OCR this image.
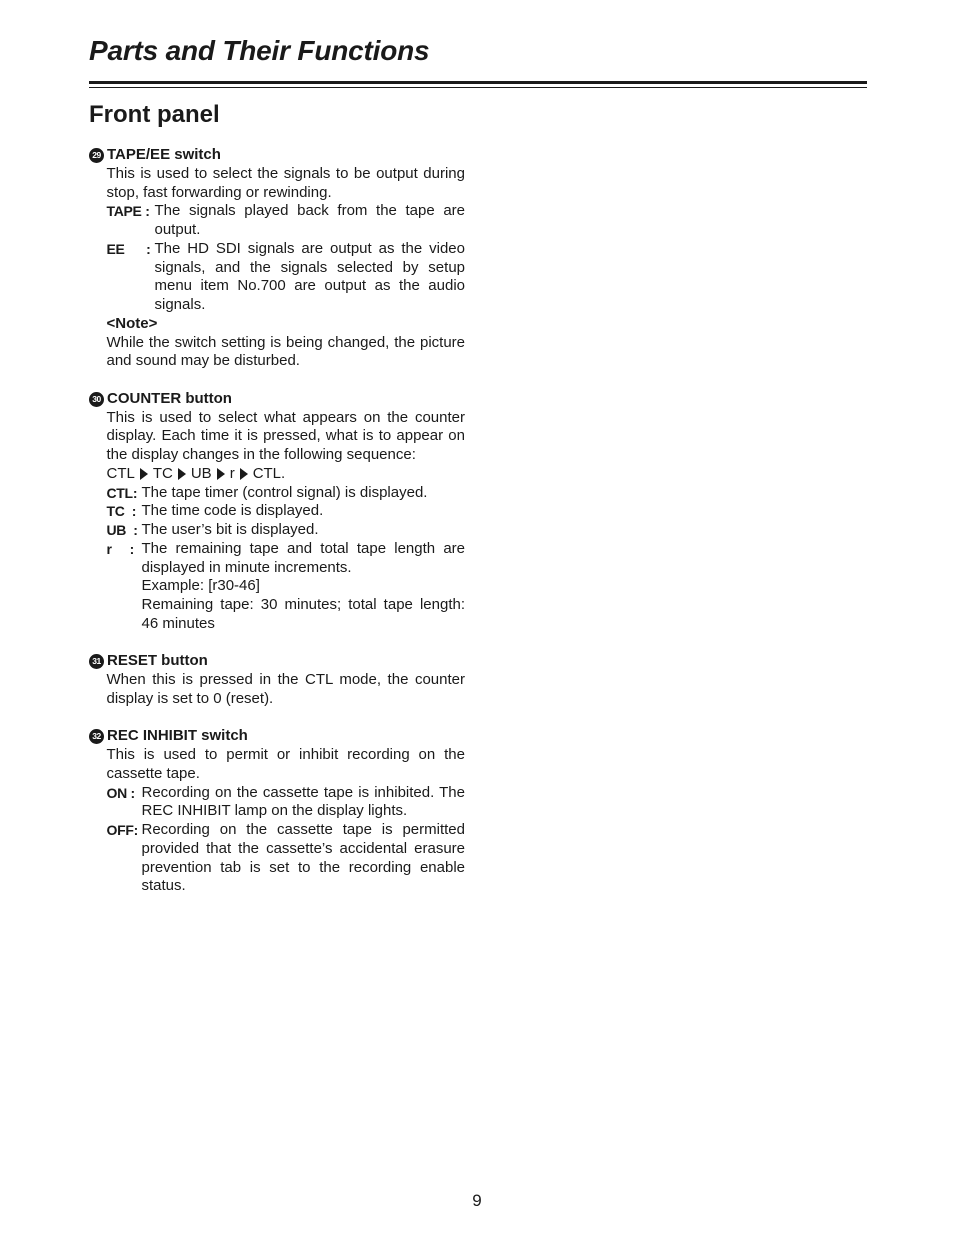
Parts and Their Functions
Front panel
29 TAPE/EE switch

This is used to select the signals to be output during stop, fast forwarding or rewinding.

TAPE : The signals played back from the tape are output.
EE      : The HD SDI signals are output as the video signals, and the signals selected by setup menu item No.700 are output as the audio signals.
<Note>

While the switch setting is being changed, the picture and sound may be disturbed.

30 COUNTER button

This is used to select what appears on the counter display. Each time it is pressed, what is to appear on the display changes in the following sequence:

CTL TC UB r CTL.
CTL: The tape timer (control signal) is displayed.
TC  : The time code is displayed.
UB  : The user’s bit is displayed.
r     : The remaining tape and total tape length are displayed in minute increments.
Example: [r30-46]
Remaining tape: 30 minutes; total tape length: 46 minutes
31 RESET button

When this is pressed in the CTL mode, the counter display is set to 0 (reset).

32 REC INHIBIT switch

This is used to permit or inhibit recording on the cassette tape.

ON : Recording on the cassette tape is inhibited. The REC INHIBIT lamp on the display lights.
OFF: Recording on the cassette tape is permitted provided that the cassette’s accidental erasure prevention tab is set to the recording enable status.
9
